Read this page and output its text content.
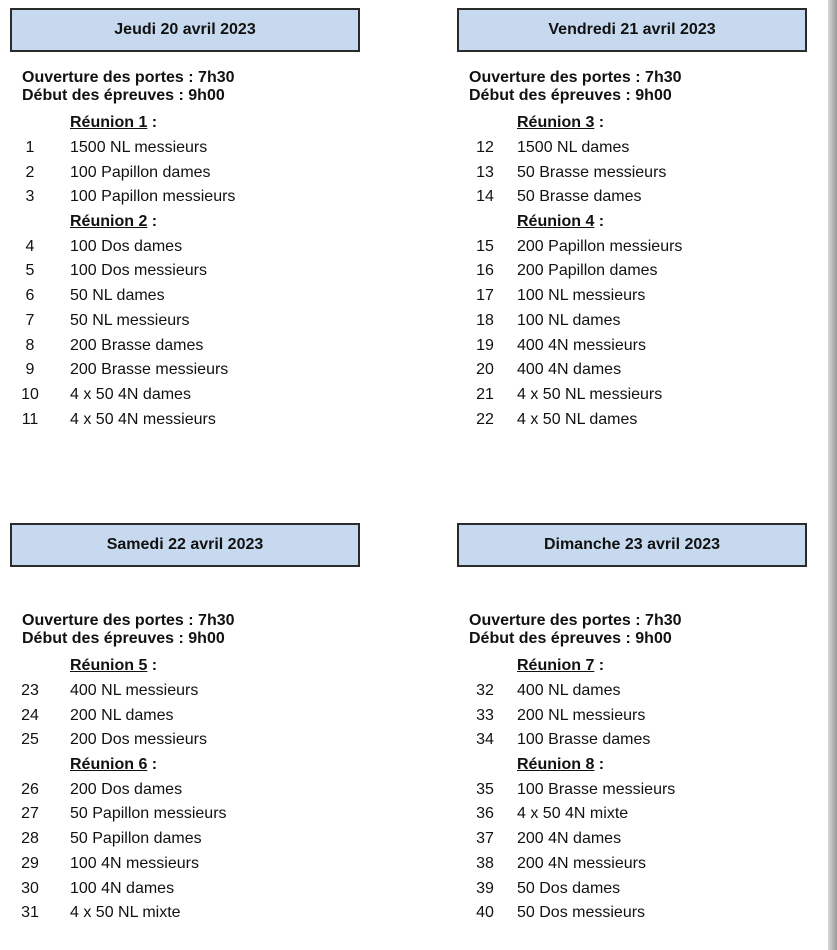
Jeudi 20 avril 2023
Ouverture des portes : 7h30
Début des épreuves : 9h00
Réunion 1 :
1	1500 NL messieurs
2	100 Papillon dames
3	100 Papillon messieurs
Réunion 2 :
4	100 Dos dames
5	100 Dos messieurs
6	50 NL dames
7	50 NL messieurs
8	200 Brasse dames
9	200 Brasse messieurs
10	4 x 50 4N dames
11	4 x 50 4N messieurs
Vendredi 21 avril 2023
Ouverture des portes : 7h30
Début des épreuves : 9h00
Réunion 3 :
12	1500 NL dames
13	50 Brasse messieurs
14	50 Brasse dames
Réunion 4 :
15	200 Papillon messieurs
16	200 Papillon dames
17	100 NL messieurs
18	100 NL dames
19	400 4N messieurs
20	400 4N dames
21	4 x 50 NL messieurs
22	4 x 50 NL dames
Samedi 22 avril 2023
Ouverture des portes : 7h30
Début des épreuves : 9h00
Réunion 5 :
23	400 NL messieurs
24	200 NL dames
25	200 Dos messieurs
Réunion 6 :
26	200 Dos dames
27	50 Papillon messieurs
28	50 Papillon dames
29	100 4N messieurs
30	100 4N dames
31	4 x 50 NL mixte
Dimanche 23 avril 2023
Ouverture des portes : 7h30
Début des épreuves : 9h00
Réunion 7 :
32	400 NL dames
33	200 NL messieurs
34	100 Brasse dames
Réunion 8 :
35	100 Brasse messieurs
36	4 x 50 4N mixte
37	200 4N dames
38	200 4N messieurs
39	50 Dos dames
40	50 Dos messieurs
